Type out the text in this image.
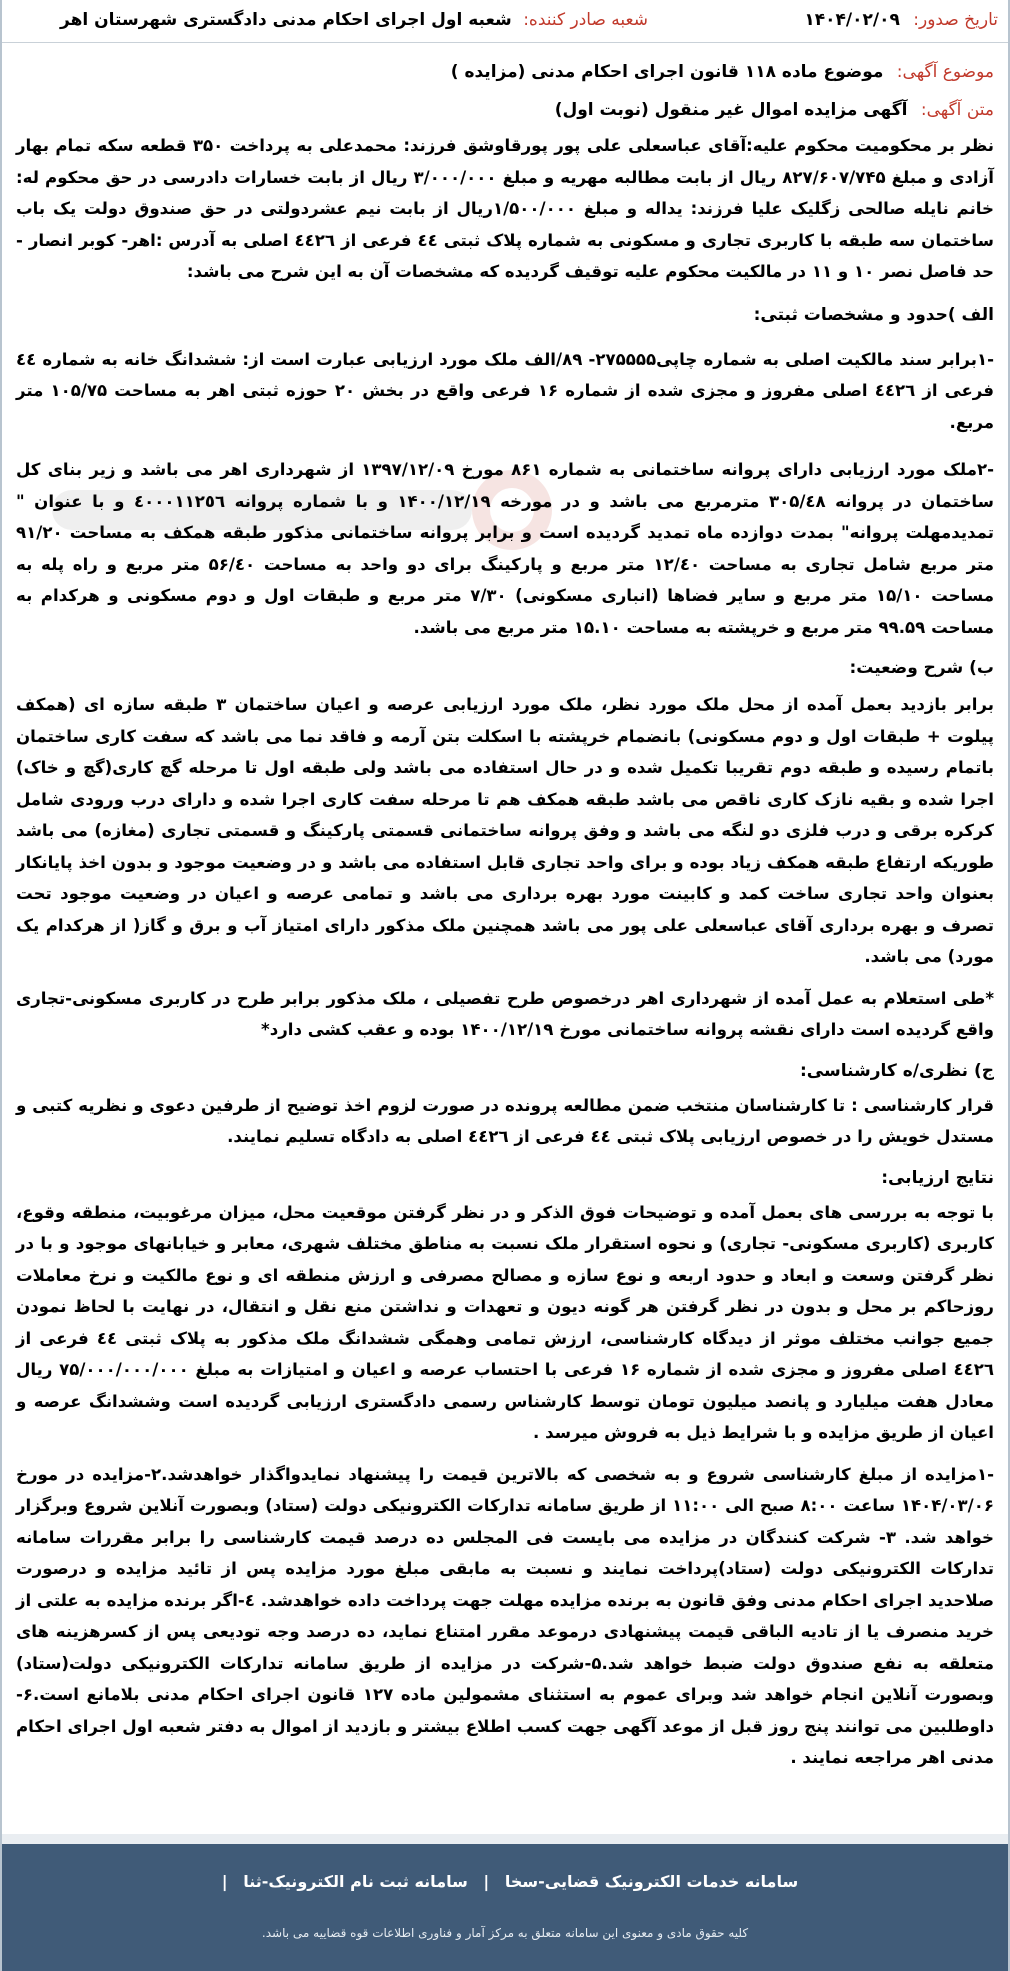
تاریخ صدور: ۱۴۰۴/۰۲/۰۹
شعبه صادر کننده: شعبه اول اجرای احکام مدنی دادگستری شهرستان اهر
موضوع آگهی: موضوع ماده ۱۱۸ قانون اجرای احکام مدنی (مزایده )
متن آگهی: آگهی مزایده اموال غیر منقول (نوبت اول)

نظر بر محکومیت محکوم علیه:آقای عباسعلی علی پور پورقاوشق فرزند: محمدعلی به پرداخت ۳۵۰ قطعه سکه تمام بهار آزادی و مبلغ ۸۲۷/۶۰۷/۷۴۵ ریال از بابت مطالبه مهریه و مبلغ ۳/۰۰۰/۰۰۰ ریال از بابت خسارات دادرسی در حق محکوم له: خانم نایله صالحی زگلیک علیا فرزند: یداله و مبلغ ۱/۵۰۰/۰۰۰ریال از بابت نیم عشردولتی در حق صندوق دولت یک باب ساختمان سه طبقه با کاربری تجاری و مسکونی به شماره پلاک ثبتی ٤٤ فرعی از ٤٤٢٦ اصلی به آدرس :اهر- کوبر انصار - حد فاصل نصر ۱۰ و ۱۱ در مالکیت محکوم علیه توقیف گردیده که مشخصات آن به این شرح می باشد:

الف )حدود و مشخصات ثبتی:

-۱برابر سند مالکیت اصلی به شماره چاپی۲۷۵۵۵۵- ۸۹/الف ملک مورد ارزیابی عبارت است از: ششدانگ خانه به شماره ٤٤ فرعی از ٤٤٢٦ اصلی مفروز و مجزی شده از شماره ۱۶ فرعی واقع در بخش ۲۰ حوزه ثبتی اهر به مساحت ۱۰۵/۷۵ متر مربع.

-۲ملک مورد ارزیابی دارای پروانه ساختمانی به شماره ۸۶۱ مورخ ۱۳۹۷/۱۲/۰۹ از شهرداری اهر می باشد و زیر بنای کل ساختمان در پروانه ۳۰۵/٤۸ مترمربع می باشد و در مورخه ۱۴۰۰/۱۲/۱۹ و با شماره پروانه ٤٠٠٠١١٢٥٦ و با عنوان " تمدیدمهلت پروانه" بمدت دوازده ماه تمدید گردیده است و برابر پروانه ساختمانی مذکور طبقه همکف به مساحت ۹۱/۲۰ متر مربع شامل تجاری به مساحت ۱۲/٤٠ متر مربع و پارکینگ برای دو واحد به مساحت ۵۶/٤٠ متر مربع و راه پله به مساحت ۱۵/۱۰ متر مربع و سایر فضاها (انباری مسکونی) ۷/۳۰ متر مربع و طبقات اول و دوم مسکونی و هرکدام به مساحت ۹۹.۵۹ متر مربع و خرپشته به مساحت ۱۵.۱۰ متر مربع می باشد.

ب) شرح وضعیت:

برابر بازدید بعمل آمده از محل ملک مورد نظر، ملک مورد ارزیابی عرصه و اعیان ساختمان ۳ طبقه سازه ای (همکف پیلوت + طبقات اول و دوم مسکونی) بانضمام خرپشته با اسکلت بتن آرمه و فاقد نما می باشد که سفت کاری ساختمان باتمام رسیده و طبقه دوم تقریبا تکمیل شده و در حال استفاده می باشد ولی طبقه اول تا مرحله گچ کاری(گچ و خاک) اجرا شده و بقیه نازک کاری ناقص می باشد طبقه همکف هم تا مرحله سفت کاری اجرا شده و دارای درب ورودی شامل کرکره برقی و درب فلزی دو لنگه می باشد و وفق پروانه ساختمانی قسمتی پارکینگ و قسمتی تجاری (مغازه) می باشد طوریکه ارتفاع طبقه همکف زیاد بوده و برای واحد تجاری قابل استفاده می باشد و در وضعیت موجود و بدون اخذ پایانکار بعنوان واحد تجاری ساخت کمد و کابینت مورد بهره برداری می باشد و تمامی عرصه و اعیان در وضعیت موجود تحت تصرف و بهره برداری آقای عباسعلی علی پور می باشد همچنین ملک مذکور دارای امتیاز آب و برق و گاز( از هرکدام یک مورد) می باشد.

*طی استعلام به عمل آمده از شهرداری اهر درخصوص طرح تفصیلی ، ملک مذکور برابر طرح در کاربری مسکونی-تجاری واقع گردیده است دارای نقشه پروانه ساختمانی مورخ ۱۴۰۰/۱۲/۱۹ بوده و عقب کشی دارد*

ج) نظری/ه کارشناسی:

قرار کارشناسی : تا کارشناسان منتخب ضمن مطالعه پرونده در صورت لزوم اخذ توضیح از طرفین دعوی و نظریه کتبی و مستدل خویش را در خصوص ارزیابی پلاک ثبتی ٤٤ فرعی از ٤٤٢٦ اصلی به دادگاه تسلیم نمایند.

نتایج ارزیابی:

با توجه به بررسی های بعمل آمده و توضیحات فوق الذکر و در نظر گرفتن موقعیت محل، میزان مرغوبیت، منطقه وقوع، کاربری (کاربری مسکونی- تجاری) و نحوه استقرار ملک نسبت به مناطق مختلف شهری، معابر و خیابانهای موجود و با در نظر گرفتن وسعت و ابعاد و حدود اربعه و نوع سازه و مصالح مصرفی و ارزش منطقه ای و نوع مالکیت و نرخ معاملات روزحاکم بر محل و بدون در نظر گرفتن هر گونه دیون و تعهدات و نداشتن منع نقل و انتقال، در نهایت با لحاظ نمودن جمیع جوانب مختلف موثر از دیدگاه کارشناسی، ارزش تمامی وهمگی ششدانگ ملک مذکور به پلاک ثبتی ٤٤ فرعی از ٤٤٢٦ اصلی مفروز و مجزی شده از شماره ۱۶ فرعی با احتساب عرصه و اعیان و امتیازات به مبلغ ۷۵/۰۰۰/۰۰۰/۰۰۰ ریال معادل هفت میلیارد و پانصد میلیون تومان توسط کارشناس رسمی دادگستری ارزیابی گردیده است وششدانگ عرصه و اعیان از طریق مزایده و با شرایط ذیل به فروش میرسد .

-۱مزایده از مبلغ کارشناسی شروع و به شخصی که بالاترین قیمت را پیشنهاد نمایدواگذار خواهدشد.۲-مزایده در مورخ ۱۴۰۴/۰۳/۰۶ ساعت ۸:۰۰ صبح الی ۱۱:۰۰ از طریق سامانه تدارکات الکترونیکی دولت (ستاد) وبصورت آنلاین شروع وبرگزار خواهد شد. ۳- شرکت کنندگان در مزایده می بایست فی المجلس ده درصد قیمت کارشناسی را برابر مقررات سامانه تدارکات الکترونیکی دولت (ستاد)پرداخت نمایند و نسبت به مابقی مبلغ مورد مزایده پس از تائید مزایده و درصورت صلاحدید اجرای احکام مدنی وفق قانون به برنده مزایده مهلت جهت پرداخت داده خواهدشد. ٤-اگر برنده مزایده به علتی از خرید منصرف یا از تادیه الباقی قیمت پیشنهادی درموعد مقرر امتناع نماید، ده درصد وجه تودیعی پس از کسرهزینه های متعلقه به نفع صندوق دولت ضبط خواهد شد.۵-شرکت در مزایده از طریق سامانه تدارکات الکترونیکی دولت(ستاد) وبصورت آنلاین انجام خواهد شد وبرای عموم به استثنای مشمولین ماده ۱۲۷ قانون اجرای احکام مدنی بلامانع است.۶-داوطلبین می توانند پنج روز قبل از موعد آگهی جهت کسب اطلاع بیشتر و بازدید از اموال به دفتر شعبه اول اجرای احکام مدنی اهر مراجعه نمایند .

سامانه خدمات الکترونیک قضایی-سخا | سامانه ثبت نام الکترونیک-ثنا |
کلیه حقوق مادی و معنوی این سامانه متعلق به مرکز آمار و فناوری اطلاعات قوه قضاییه می باشد.
